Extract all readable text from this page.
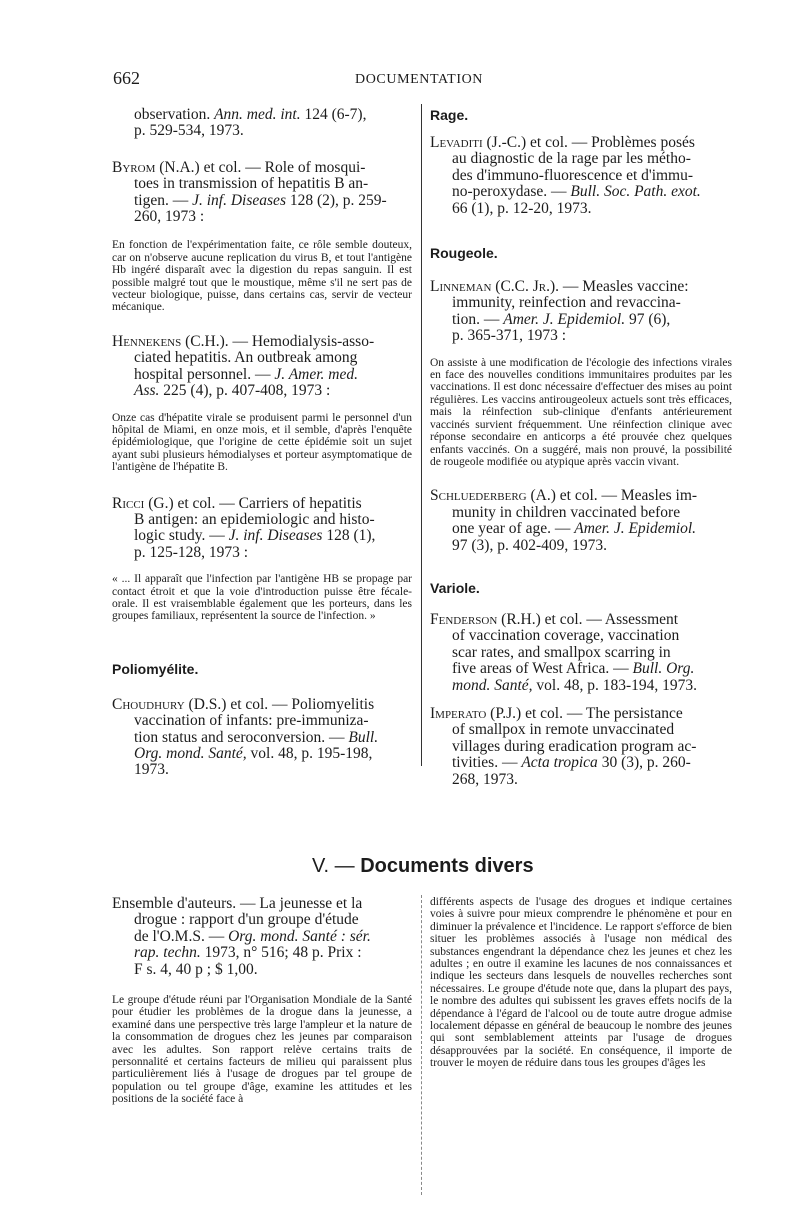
662	DOCUMENTATION
observation. Ann. med. int. 124 (6-7),
p. 529-534, 1973.
Byrom (N.A.) et col. — Role of mosqui-
toes in transmission of hepatitis B an-
tigen. — J. inf. Diseases 128 (2), p. 259-
260, 1973 :

En fonction de l'expérimentation faite, ce rôle semble douteux, car on n'observe aucune replication du virus B, et tout l'antigène Hb ingéré disparaît avec la digestion du repas sanguin. Il est possible malgré tout que le moustique, même s'il ne sert pas de vecteur biologique, puisse, dans certains cas, servir de vecteur mécanique.

Hennekens (C.H.). — Hemodialysis-asso-
ciated hepatitis. An outbreak among
hospital personnel. — J. Amer. med.
Ass. 225 (4), p. 407-408, 1973 :

Onze cas d'hépatite virale se produisent parmi le personnel d'un hôpital de Miami, en onze mois, et il semble, d'après l'enquête épidémiologique, que l'origine de cette épidémie soit un sujet ayant subi plusieurs hémodialyses et porteur asymptomatique de l'antigène de l'hépatite B.

Ricci (G.) et col. — Carriers of hepatitis
B antigen: an epidemiologic and histo-
logic study. — J. inf. Diseases 128 (1),
p. 125-128, 1973 :

« ... Il apparaît que l'infection par l'antigène HB se propage par contact étroit et que la voie d'introduction puisse être fécale-orale. Il est vraisemblable également que les porteurs, dans les groupes familiaux, représentent la source de l'infection. »

Poliomyélite.

Choudhury (D.S.) et col. — Poliomyelitis
vaccination of infants: pre-immuniza-
tion status and seroconversion. — Bull.
Org. mond. Santé, vol. 48, p. 195-198,
1973.

Rage.

Levaditi (J.-C.) et col. — Problèmes posés
au diagnostic de la rage par les métho-
des d'immuno-fluorescence et d'immu-
no-peroxydase. — Bull. Soc. Path. exot.
66 (1), p. 12-20, 1973.

Rougeole.

Linneman (C.C. Jr.). — Measles vaccine:
immunity, reinfection and revaccina-
tion. — Amer. J. Epidemiol. 97 (6),
p. 365-371, 1973 :

On assiste à une modification de l'écologie des infections virales en face des nouvelles conditions immunitaires produites par les vaccinations. Il est donc nécessaire d'effectuer des mises au point régulières. Les vaccins antirougeoleux actuels sont très efficaces, mais la réinfection sub-clinique d'enfants antérieurement vaccinés survient fréquemment. Une réinfection clinique avec réponse secondaire en anticorps a été prouvée chez quelques enfants vaccinés. On a suggéré, mais non prouvé, la possibilité de rougeole modifiée ou atypique après vaccin vivant.

Schluederberg (A.) et col. — Measles im-
munity in children vaccinated before
one year of age. — Amer. J. Epidemiol.
97 (3), p. 402-409, 1973.

Variole.

Fenderson (R.H.) et col. — Assessment
of vaccination coverage, vaccination
scar rates, and smallpox scarring in
five areas of West Africa. — Bull. Org.
mond. Santé, vol. 48, p. 183-194, 1973.
Imperato (P.J.) et col. — The persistance
of smallpox in remote unvaccinated
villages during eradication program ac-
tivities. — Acta tropica 30 (3), p. 260-
268, 1973.
V. — Documents divers
Ensemble d'auteurs. — La jeunesse et la
drogue : rapport d'un groupe d'étude
de l'O.M.S. — Org. mond. Santé : sér.
rap. techn. 1973, n° 516; 48 p. Prix :
F s. 4, 40 p ; $ 1,00.

Le groupe d'étude réuni par l'Organisation Mondiale de la Santé pour étudier les problèmes de la drogue dans la jeunesse, a examiné dans une perspective très large l'ampleur et la nature de la consommation de drogues chez les jeunes par comparaison avec les adultes. Son rapport relève certains traits de personnalité et certains facteurs de milieu qui paraissent plus particulièrement liés à l'usage de drogues par tel groupe de population ou tel groupe d'âge, examine les attitudes et les positions de la société face à

différents aspects de l'usage des drogues et indique certaines voies à suivre pour mieux comprendre le phénomène et pour en diminuer la prévalence et l'incidence. Le rapport s'efforce de bien situer les problèmes associés à l'usage non médical des substances engendrant la dépendance chez les jeunes et chez les adultes ; en outre il examine les lacunes de nos connaissances et indique les secteurs dans lesquels de nouvelles recherches sont nécessaires. Le groupe d'étude note que, dans la plupart des pays, le nombre des adultes qui subissent les graves effets nocifs de la dépendance à l'égard de l'alcool ou de toute autre drogue admise localement dépasse en général de beaucoup le nombre des jeunes qui sont semblablement atteints par l'usage de drogues désapprouvées par la société. En conséquence, il importe de trouver le moyen de réduire dans tous les groupes d'âges les
